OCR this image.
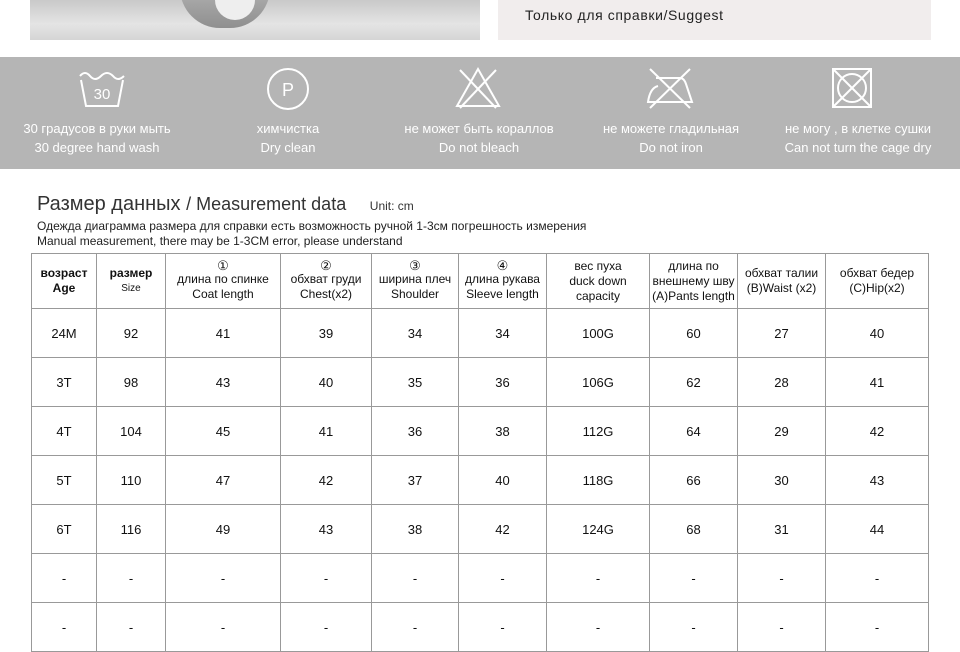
Только для справки/Suggest
30
30 градусов в руки мыть
30 degree hand wash
P
химчистка
Dry clean
не может быть кораллов
Do not bleach
не можете гладильная
Do not iron
не могу , в клетке сушки
Can not turn the cage dry
Размер данных / Measurement data Unit: cm
Одежда диаграмма размера для справки есть возможность ручной 1-3см погрешность измерения
Manual measurement, there may be 1-3CM error, please understand
возраст
Age	размер
Size	①
длина по спинке
Coat length	②
обхват груди
Chest(x2)	③
ширина плеч
Shoulder	④
длина рукава
Sleeve length	вес пуха
duck down
capacity	длина по
внешнему шву
(A)Pants length	обхват талии
(B)Waist (x2)	обхват бедер
(C)Hip(x2)

24M	92	41	39	34	34	100G	60	27	40
3T	98	43	40	35	36	106G	62	28	41
4T	104	45	41	36	38	112G	64	29	42
5T	110	47	42	37	40	118G	66	30	43
6T	116	49	43	38	42	124G	68	31	44
-	-	-	-	-	-	-	-	-	-
-	-	-	-	-	-	-	-	-	-
